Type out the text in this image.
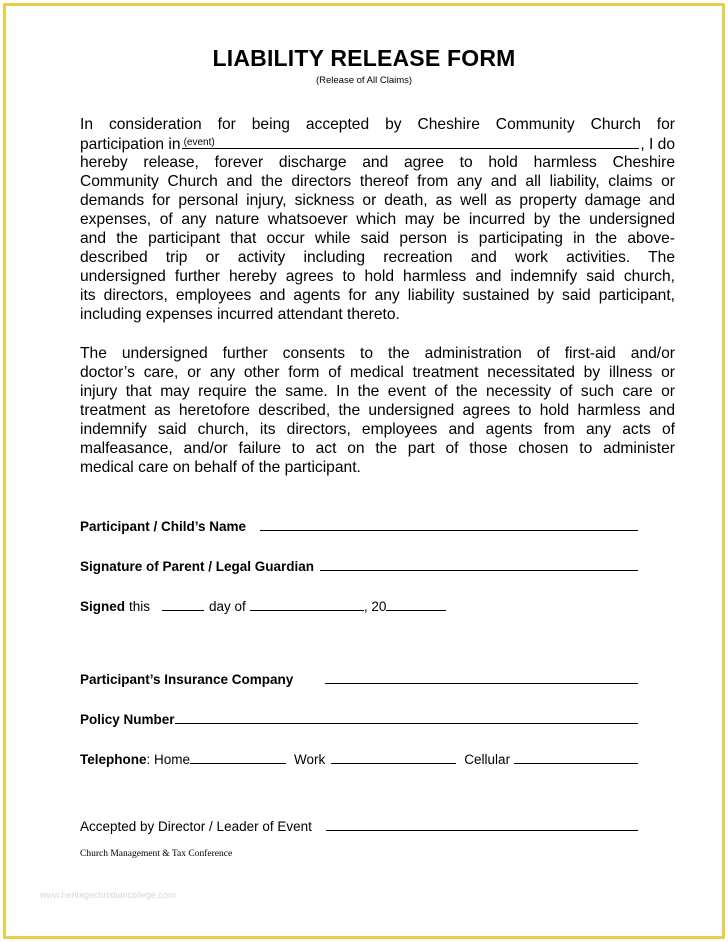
LIABILITY RELEASE FORM
(Release of All Claims)
In consideration for being accepted by Cheshire Community Church for
participation in (event)	, I do
hereby release, forever discharge and agree to hold harmless Cheshire
Community Church and the directors thereof from any and all liability, claims or
demands for personal injury, sickness or death, as well as property damage and
expenses, of any nature whatsoever which may be incurred by the undersigned
and the participant that occur while said person is participating in the above-
described trip or activity including recreation and work activities. The
undersigned further hereby agrees to hold harmless and indemnify said church,
its directors, employees and agents for any liability sustained by said participant,
including expenses incurred attendant thereto.
The undersigned further consents to the administration of first-aid and/or
doctor’s care, or any other form of medical treatment necessitated by illness or
injury that may require the same. In the event of the necessity of such care or
treatment as heretofore described, the undersigned agrees to hold harmless and
indemnify said church, its directors, employees and agents from any acts of
malfeasance, and/or failure to act on the part of those chosen to administer
medical care on behalf of the participant.
Participant / Child’s Name
Signature of Parent / Legal Guardian
Signed this	day of	, 20
Participant’s Insurance Company
Policy Number
Telephone : Home	Work	Cellular
Accepted by Director / Leader of Event
Church Management & Tax Conference
www.heritagechristiancollege.com
